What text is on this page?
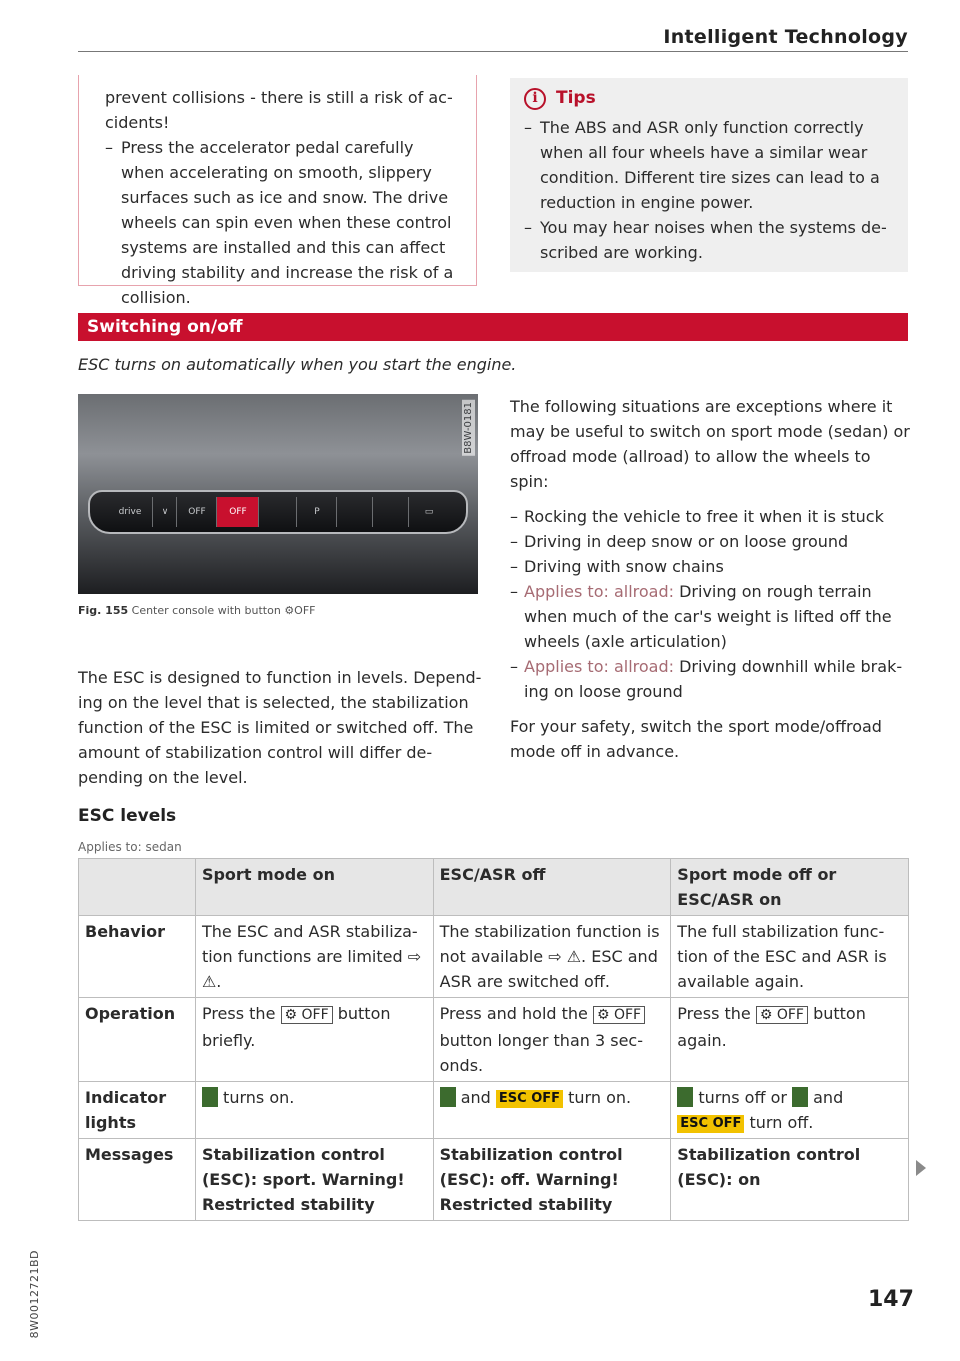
Intelligent Technology

prevent collisions - there is still a risk of ac-cidents!

– Press the accelerator pedal carefully when accelerating on smooth, slippery surfaces such as ice and snow. The drive wheels can spin even when these control systems are installed and this can affect driving stability and increase the risk of a collision.

i	Tips
– The ABS and ASR only function correctly when all four wheels have a similar wear condition. Different tire sizes can lead to a reduction in engine power.
– You may hear noises when the systems de-scribed are working.
Switching on/off
ESC turns on automatically when you start the engine.
drive	∨	OFF	OFF	P	▭
B8W-0181
Fig. 155 Center console with button ⚙OFF

The ESC is designed to function in levels. Depend-ing on the level that is selected, the stabilization function of the ESC is limited or switched off. The amount of stabilization control will differ de-pending on the level.

ESC levels
Applies to: sedan

The following situations are exceptions where it may be useful to switch on sport mode (sedan) or offroad mode (allroad) to allow the wheels to spin:

– Rocking the vehicle to free it when it is stuck
– Driving in deep snow or on loose ground
– Driving with snow chains
– Applies to: allroad: Driving on rough terrain when much of the car's weight is lifted off the wheels (axle articulation)
– Applies to: allroad: Driving downhill while brak-ing on loose ground

For your safety, switch the sport mode/offroad mode off in advance.

	Sport mode on	ESC/ASR off	Sport mode off or ESC/ASR on
Behavior	The ESC and ASR stabiliza-tion functions are limited ⇨ ⚠.	The stabilization function is not available ⇨ ⚠. ESC and ASR are switched off.	The full stabilization func-tion of the ESC and ASR is available again.
Operation	Press the ⚙ OFF button briefly.	Press and hold the ⚙ OFF button longer than 3 sec-onds.	Press the ⚙ OFF button again.
Indicator lights	turns on.	and ESC OFF turn on.	turns off or and ESC OFF turn off.
Messages	Stabilization control (ESC): sport. Warning! Restricted stability	Stabilization control (ESC): off. Warning! Restricted stability	Stabilization control (ESC): on
8W0012721BD	147
